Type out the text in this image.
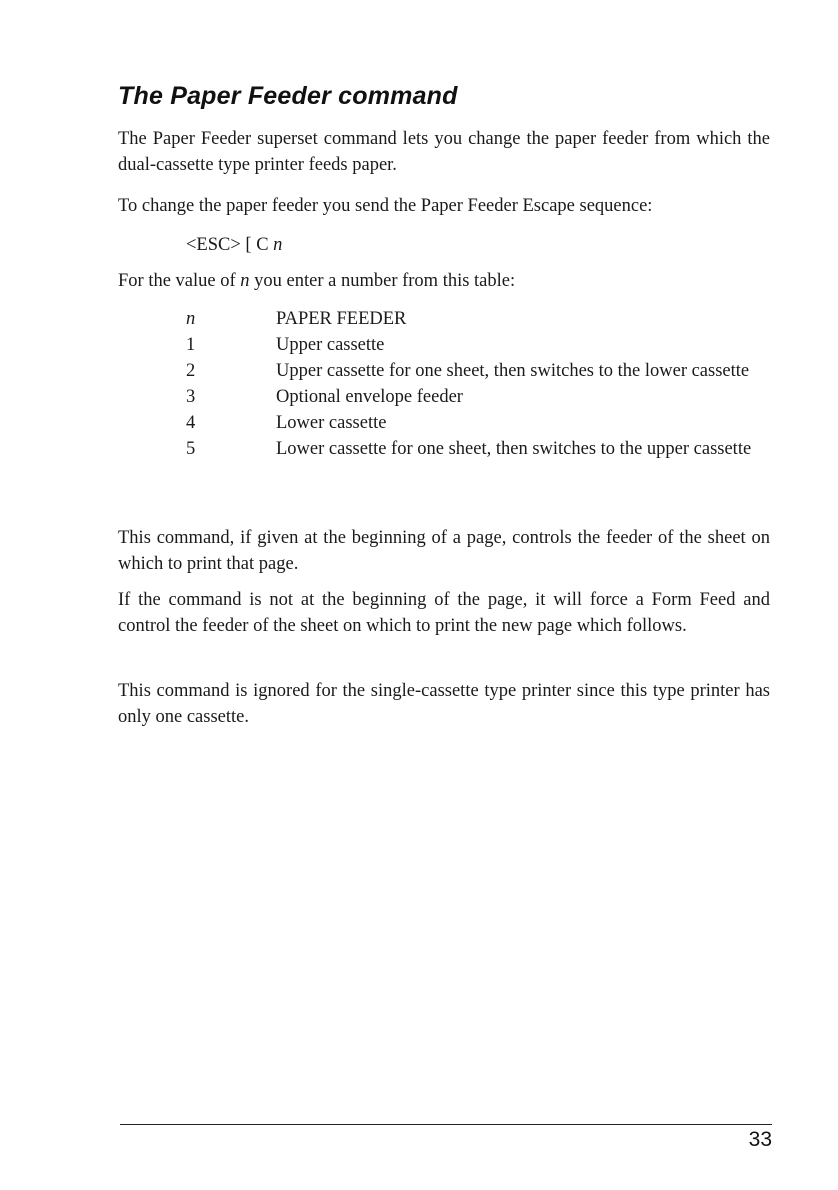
The Paper Feeder command

The Paper Feeder superset command lets you change the paper feeder from which the dual-cassette type printer feeds paper.

To change the paper feeder you send the Paper Feeder Escape sequence:

<ESC> [ C n

For the value of n you enter a number from this table:

n	PAPER FEEDER
1	Upper cassette
2	Upper cassette for one sheet, then switches to the lower cassette
3	Optional envelope feeder
4	Lower cassette
5	Lower cassette for one sheet, then switches to the upper cassette

This command, if given at the beginning of a page, controls the feeder of the sheet on which to print that page.

If the command is not at the beginning of the page, it will force a Form Feed and control the feeder of the sheet on which to print the new page which follows.

This command is ignored for the single-cassette type printer since this type printer has only one cassette.

33
